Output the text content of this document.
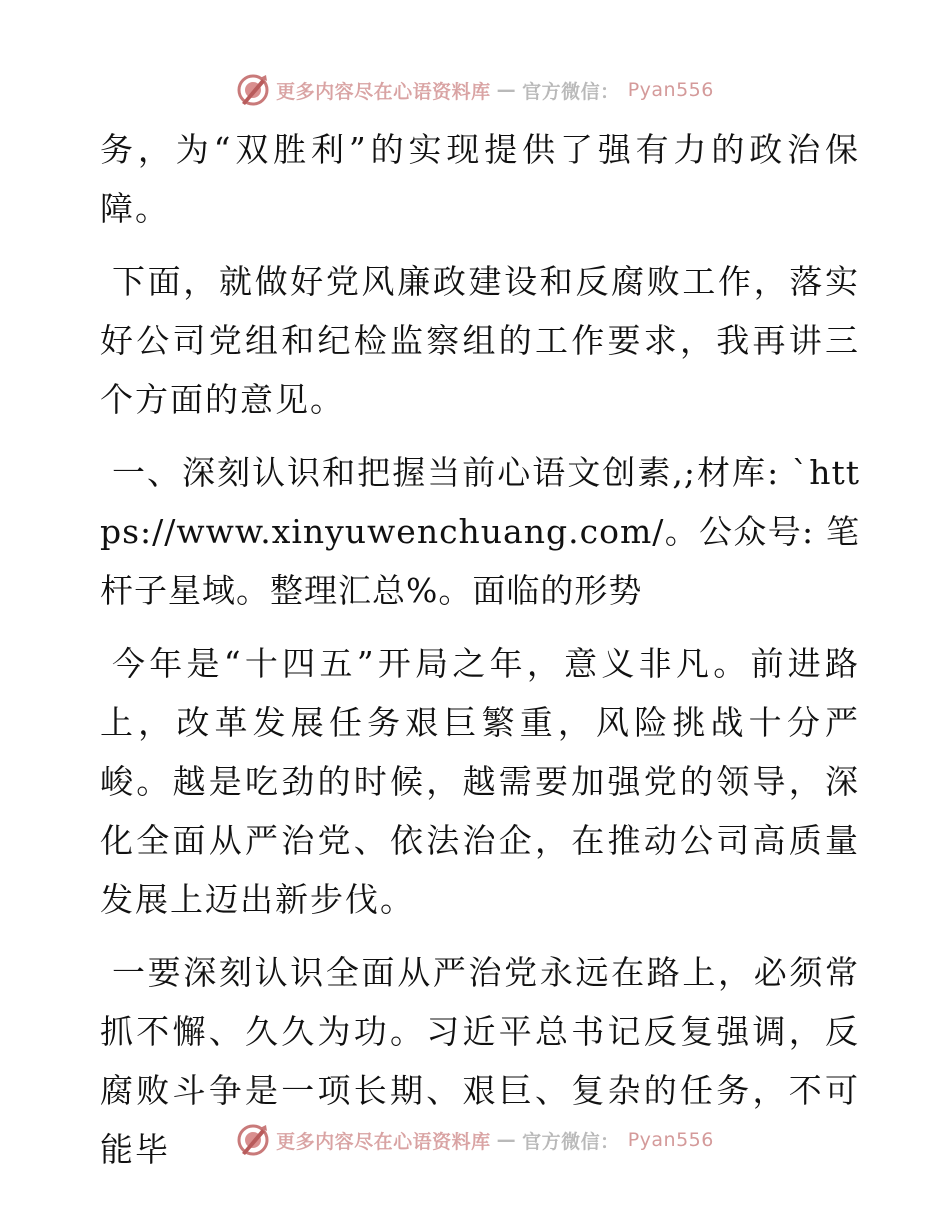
更多内容尽在心语资料库 — 官方微信： Pyan556

务，为“双胜利”的实现提供了强有力的政治保障。

下面，就做好党风廉政建设和反腐败工作，落实好公司党组和纪检监察组的工作要求，我再讲三个方面的意见。

一、深刻认识和把握当前心语文创素,;材库: `https://www.xinyuwenchuang.com/。公众号: 笔杆子星域。整理汇总%。面临的形势

今年是“十四五”开局之年，意义非凡。前进路上，改革发展任务艰巨繁重，风险挑战十分严峻。越是吃劲的时候，越需要加强党的领导，深化全面从严治党、依法治企，在推动公司高质量发展上迈出新步伐。

一要深刻认识全面从严治党永远在路上，必须常抓不懈、久久为功。习近平总书记反复强调，反腐败斗争是一项长期、艰巨、复杂的任务，不可能毕	更多内容尽在心语资料库 — 官方微信： Pyan556
